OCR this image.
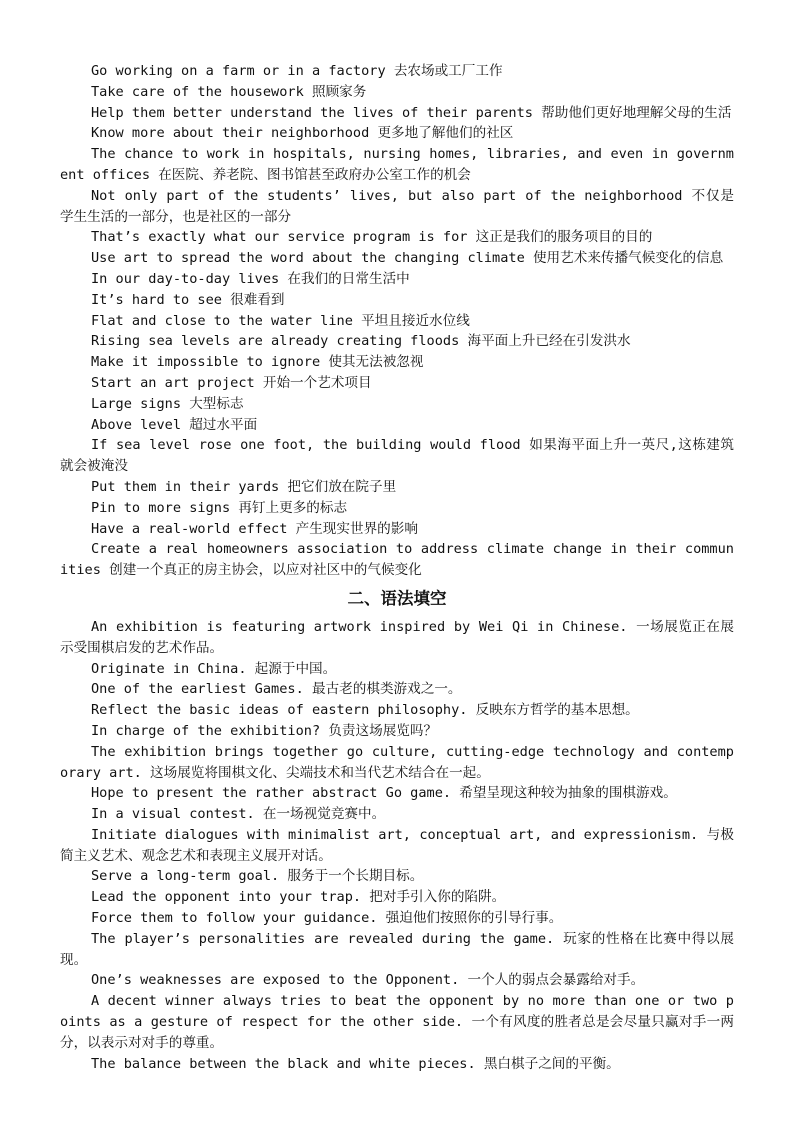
Go working on a farm or in a factory 去农场或工厂工作

Take care of the housework 照顾家务

Help them better understand the lives of their parents 帮助他们更好地理解父母的生活

Know more about their neighborhood 更多地了解他们的社区

The chance to work in hospitals, nursing homes, libraries, and even in government offices 在医院、养老院、图书馆甚至政府办公室工作的机会

Not only part of the students’ lives, but also part of the neighborhood 不仅是学生生活的一部分，也是社区的一部分

That’s exactly what our service program is for 这正是我们的服务项目的目的

Use art to spread the word about the changing climate 使用艺术来传播气候变化的信息

In our day-to-day lives 在我们的日常生活中

It’s hard to see 很难看到

Flat and close to the water line 平坦且接近水位线

Rising sea levels are already creating floods 海平面上升已经在引发洪水

Make it impossible to ignore 使其无法被忽视

Start an art project 开始一个艺术项目

Large signs 大型标志

Above level 超过水平面

If sea level rose one foot, the building would flood 如果海平面上升一英尺,这栋建筑就会被淹没

Put them in their yards 把它们放在院子里

Pin to more signs 再钉上更多的标志

Have a real-world effect 产生现实世界的影响

Create a real homeowners association to address climate change in their communities 创建一个真正的房主协会，以应对社区中的气候变化

二、语法填空

An exhibition is featuring artwork inspired by Wei Qi in Chinese. 一场展览正在展示受围棋启发的艺术作品。

Originate in China. 起源于中国。

One of the earliest Games. 最古老的棋类游戏之一。

Reflect the basic ideas of eastern philosophy. 反映东方哲学的基本思想。

In charge of the exhibition? 负责这场展览吗？

The exhibition brings together go culture, cutting-edge technology and contemporary art. 这场展览将围棋文化、尖端技术和当代艺术结合在一起。

Hope to present the rather abstract Go game. 希望呈现这种较为抽象的围棋游戏。

In a visual contest. 在一场视觉竞赛中。

Initiate dialogues with minimalist art, conceptual art, and expressionism. 与极简主义艺术、观念艺术和表现主义展开对话。

Serve a long-term goal. 服务于一个长期目标。

Lead the opponent into your trap. 把对手引入你的陷阱。

Force them to follow your guidance. 强迫他们按照你的引导行事。

The player’s personalities are revealed during the game. 玩家的性格在比赛中得以展现。

One’s weaknesses are exposed to the Opponent. 一个人的弱点会暴露给对手。

A decent winner always tries to beat the opponent by no more than one or two points as a gesture of respect for the other side. 一个有风度的胜者总是会尽量只赢对手一两分，以表示对对手的尊重。

The balance between the black and white pieces. 黑白棋子之间的平衡。
